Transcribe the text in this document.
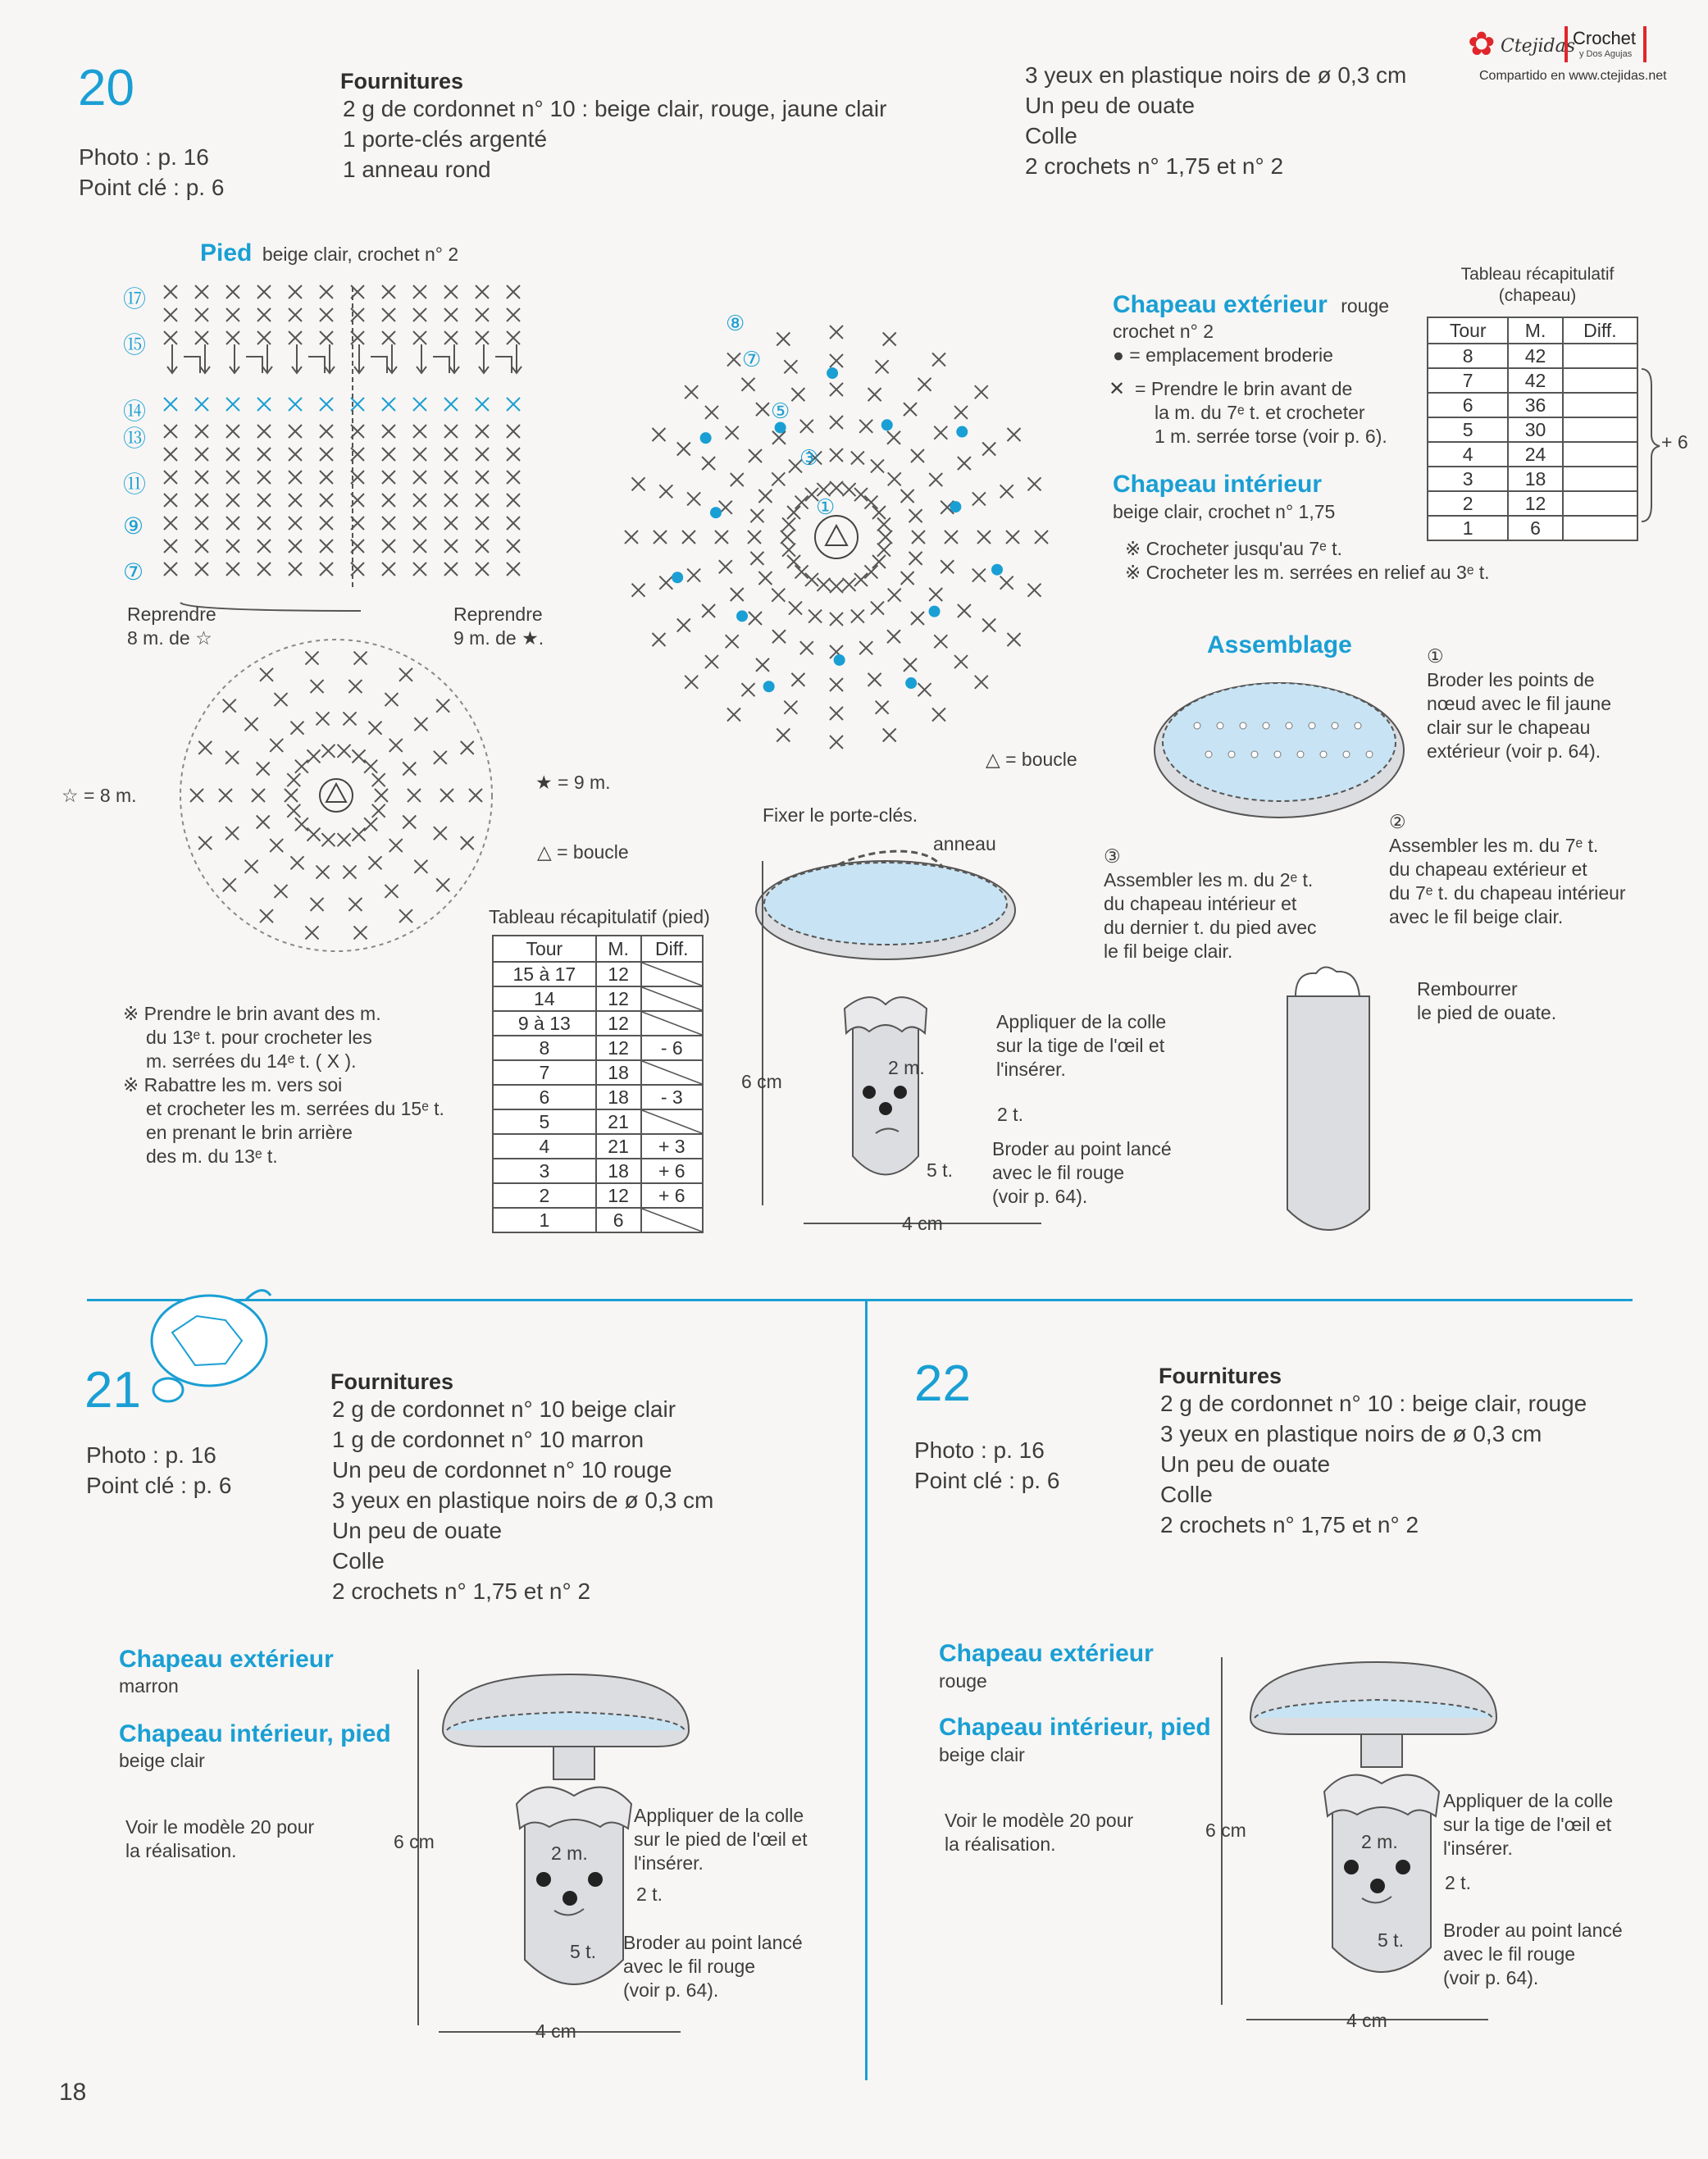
✿ Ctejidas
Crochet
y Dos Agujas
Compartido en www.ctejidas.net
20
Photo : p. 16
Point clé : p. 6
Fournitures
2 g de cordonnet n° 10 : beige clair, rouge, jaune clair
1 porte-clés argenté
1 anneau rond
3 yeux en plastique noirs de ø 0,3 cm
Un peu de ouate
Colle
2 crochets n° 1,75 et n° 2
Pied beige clair, crochet n° 2
⑰
⑮
⑭
⑬
⑪
⑨
⑦
Reprendre
8 m. de ☆
Reprendre
9 m. de ★.
☆ = 8 m.
★ = 9 m.
△ = boucle
※ Prendre le brin avant des m.
du 13ᵉ t. pour crocheter les
m. serrées du 14ᵉ t. ( X ).
※ Rabattre les m. vers soi
et crocheter les m. serrées du 15ᵉ t.
en prenant le brin arrière
des m. du 13ᵉ t.
Tableau récapitulatif (pied)
Tour	M.	Diff.
15 à 17	12	
14	12	
9 à 13	12	
8	12	- 6
7	18	
6	18	- 3
5	21	
4	21	+ 3
3	18	+ 6
2	12	+ 6
1	6	
⑧
⑦
⑤
③
①
△ = boucle
Chapeau extérieur rouge
crochet n° 2
● = emplacement broderie
✕ = Prendre le brin avant de
la m. du 7ᵉ t. et crocheter
1 m. serrée torse (voir p. 6).
Chapeau intérieur
beige clair, crochet n° 1,75
※ Crocheter jusqu'au 7ᵉ t.
※ Crocheter les m. serrées en relief au 3ᵉ t.
Tableau récapitulatif
(chapeau)
Tour	M.	Diff.
8	42	
7	42	
6	36	
5	30	
4	24	
3	18	
2	12	
1	6	
+ 6
Assemblage	①
Broder les points de
nœud avec le fil jaune
clair sur le chapeau
extérieur (voir p. 64).
②
Assembler les m. du 7ᵉ t.
du chapeau extérieur et
du 7ᵉ t. du chapeau intérieur
avec le fil beige clair.
③
Assembler les m. du 2ᵉ t.
du chapeau intérieur et
du dernier t. du pied avec
le fil beige clair.
Fixer le porte-clés.
anneau
2 m.
2 t.
5 t.
6 cm
4 cm
Appliquer de la colle
sur la tige de l'œil et
l'insérer.
Broder au point lancé
avec le fil rouge
(voir p. 64).
Rembourrer
le pied de ouate.
21
Photo : p. 16
Point clé : p. 6
Fournitures
2 g de cordonnet n° 10 beige clair
1 g de cordonnet n° 10 marron
Un peu de cordonnet n° 10 rouge
3 yeux en plastique noirs de ø 0,3 cm
Un peu de ouate
Colle
2 crochets n° 1,75 et n° 2
Chapeau extérieur
marron
Chapeau intérieur, pied
beige clair
Voir le modèle 20 pour
la réalisation.	6 cm
4 cm
2 m.
2 t.
5 t.
Appliquer de la colle
sur le pied de l'œil et
l'insérer.
Broder au point lancé
avec le fil rouge
(voir p. 64).
22
Photo : p. 16
Point clé : p. 6
Fournitures
2 g de cordonnet n° 10 : beige clair, rouge
3 yeux en plastique noirs de ø 0,3 cm
Un peu de ouate
Colle
2 crochets n° 1,75 et n° 2
Chapeau extérieur
rouge
Chapeau intérieur, pied
beige clair
Voir le modèle 20 pour
la réalisation.
6 cm
4 cm
2 m.
2 t.
5 t.
Appliquer de la colle
sur la tige de l'œil et
l'insérer.
Broder au point lancé
avec le fil rouge
(voir p. 64).
18
